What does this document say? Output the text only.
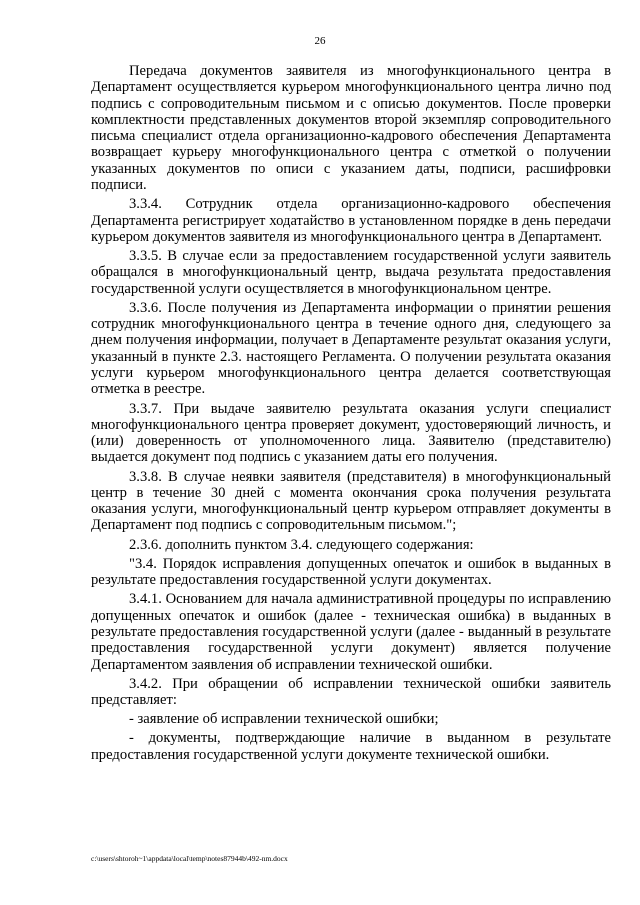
26

Передача документов заявителя из многофункционального центра в Департамент осуществляется курьером многофункционального центра лично под подпись с сопроводительным письмом и с описью документов. После проверки комплектности представленных документов второй экземпляр сопроводительного письма специалист отдела организационно-кадрового обеспечения Департамента возвращает курьеру многофункционального центра с отметкой о получении указанных документов по описи с указанием даты, подписи, расшифровки подписи.

3.3.4. Сотрудник отдела организационно-кадрового обеспечения Департамента регистрирует ходатайство в установленном порядке в день передачи курьером документов заявителя из многофункционального центра в Департамент.

3.3.5. В случае если за предоставлением государственной услуги заявитель обращался в многофункциональный центр, выдача результата предоставления государственной услуги осуществляется в многофункциональном центре.

3.3.6. После получения из Департамента информации о принятии решения сотрудник многофункционального центра в течение одного дня, следующего за днем получения информации, получает в Департаменте результат оказания услуги, указанный в пункте 2.3. настоящего Регламента. О получении результата оказания услуги курьером многофункционального центра делается соответствующая отметка в реестре.

3.3.7. При выдаче заявителю результата оказания услуги специалист многофункционального центра проверяет документ, удостоверяющий личность, и (или) доверенность от уполномоченного лица. Заявителю (представителю) выдается документ под подпись с указанием даты его получения.

3.3.8. В случае неявки заявителя (представителя) в многофункциональный центр в течение 30 дней с момента окончания срока получения результата оказания услуги, многофункциональный центр курьером отправляет документы в Департамент под подпись с сопроводительным письмом.";

2.3.6. дополнить пунктом 3.4. следующего содержания:

"3.4. Порядок исправления допущенных опечаток и ошибок в выданных в результате предоставления государственной услуги документах.

3.4.1. Основанием для начала административной процедуры по исправлению допущенных опечаток и ошибок (далее - техническая ошибка) в выданных в результате предоставления государственной услуги (далее - выданный в результате предоставления государственной услуги документ) является получение Департаментом заявления об исправлении технической ошибки.

3.4.2. При обращении об исправлении технической ошибки заявитель представляет:

- заявление об исправлении технической ошибки;

- документы, подтверждающие наличие в выданном в результате предоставления государственной услуги документе технической ошибки.

c:\users\shtoroh~1\appdata\local\temp\notes87944b\492-nm.docx
